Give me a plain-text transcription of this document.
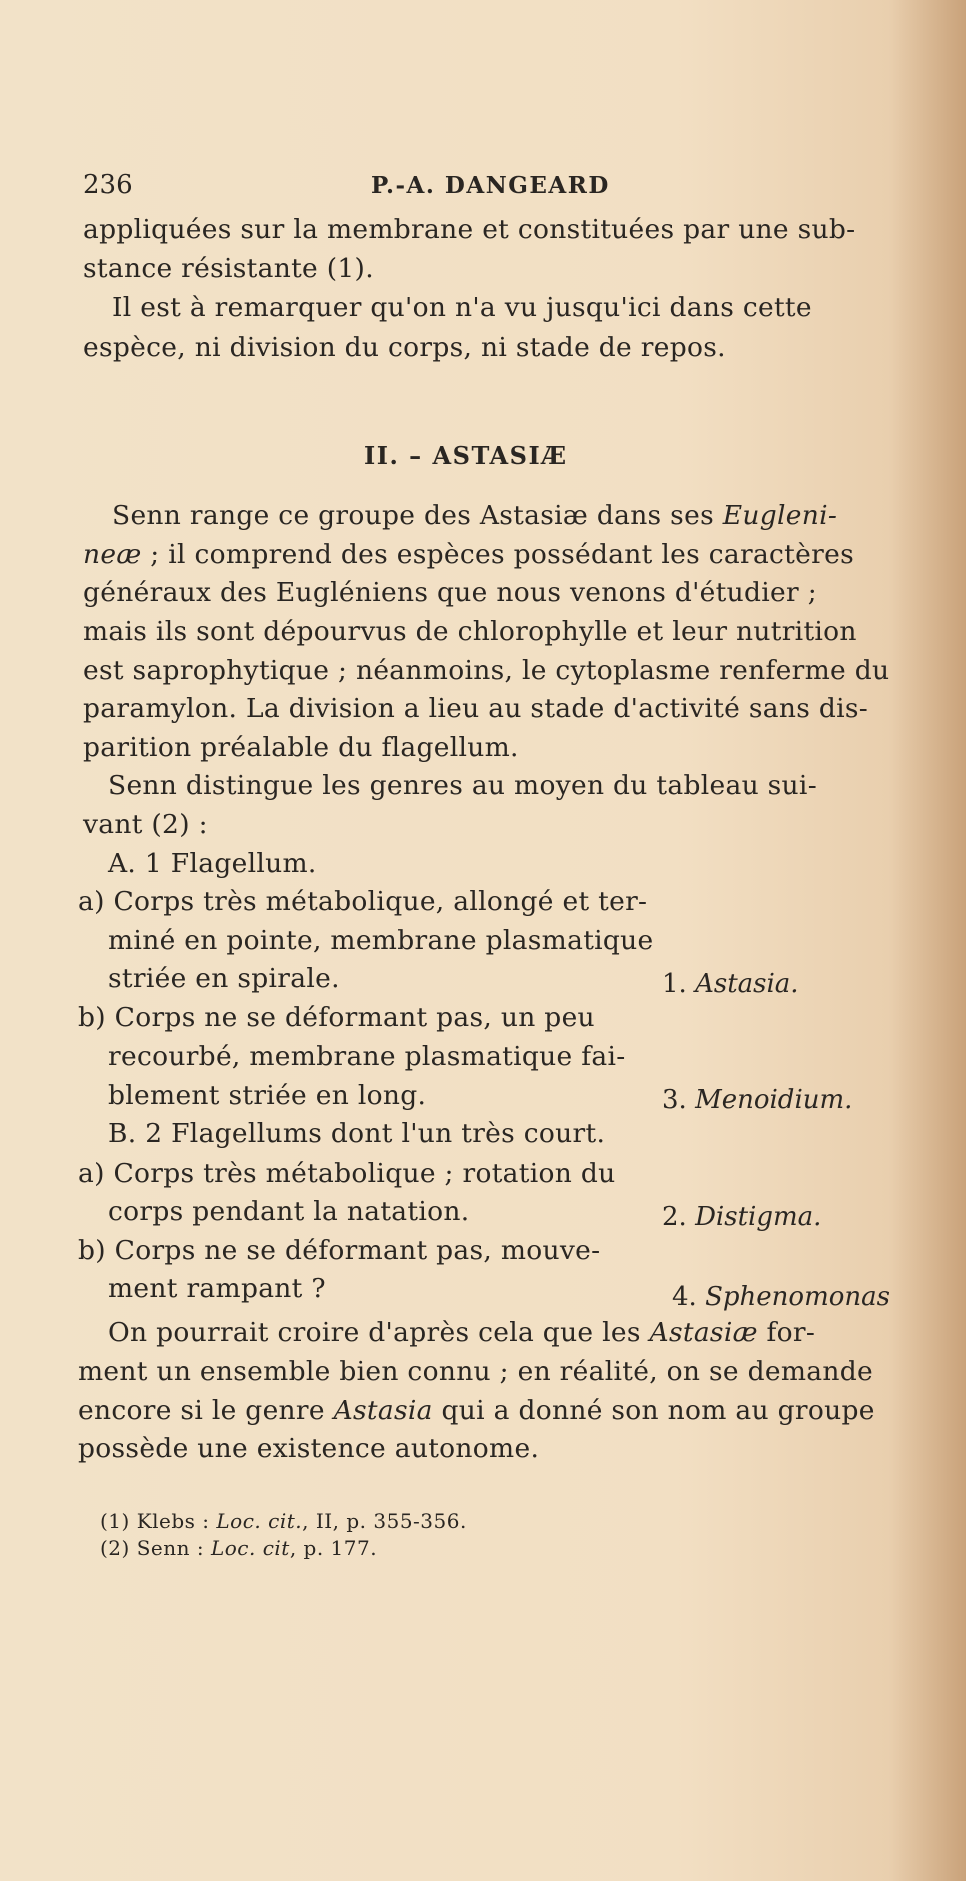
236	P.-A. DANGEARD
appliquées sur la membrane et constituées par une sub-
stance résistante (1).
Il est à remarquer qu'on n'a vu jusqu'ici dans cette
espèce, ni division du corps, ni stade de repos.
II. – ASTASIÆ
Senn range ce groupe des Astasiæ dans ses Eugleni-
neæ ; il comprend des espèces possédant les caractères
généraux des Eugléniens que nous venons d'étudier ;
mais ils sont dépourvus de chlorophylle et leur nutrition
est saprophytique ; néanmoins, le cytoplasme renferme du
paramylon. La division a lieu au stade d'activité sans dis-
parition préalable du flagellum.
Senn distingue les genres au moyen du tableau sui-
vant (2) :
A. 1 Flagellum.
a) Corps très métabolique, allongé et ter-
miné en pointe, membrane plasmatique
striée en spirale.	1. Astasia.
b) Corps ne se déformant pas, un peu
recourbé, membrane plasmatique fai-
blement striée en long.	3. Menoidium.
B. 2 Flagellums dont l'un très court.
a) Corps très métabolique ; rotation du
corps pendant la natation.	2. Distigma.
b) Corps ne se déformant pas, mouve-
ment rampant ?	4. Sphenomonas
On pourrait croire d'après cela que les Astasiæ for-
ment un ensemble bien connu ; en réalité, on se demande
encore si le genre Astasia qui a donné son nom au groupe
possède une existence autonome.
(1) Klebs : Loc. cit., II, p. 355-356.
(2) Senn : Loc. cit, p. 177.
